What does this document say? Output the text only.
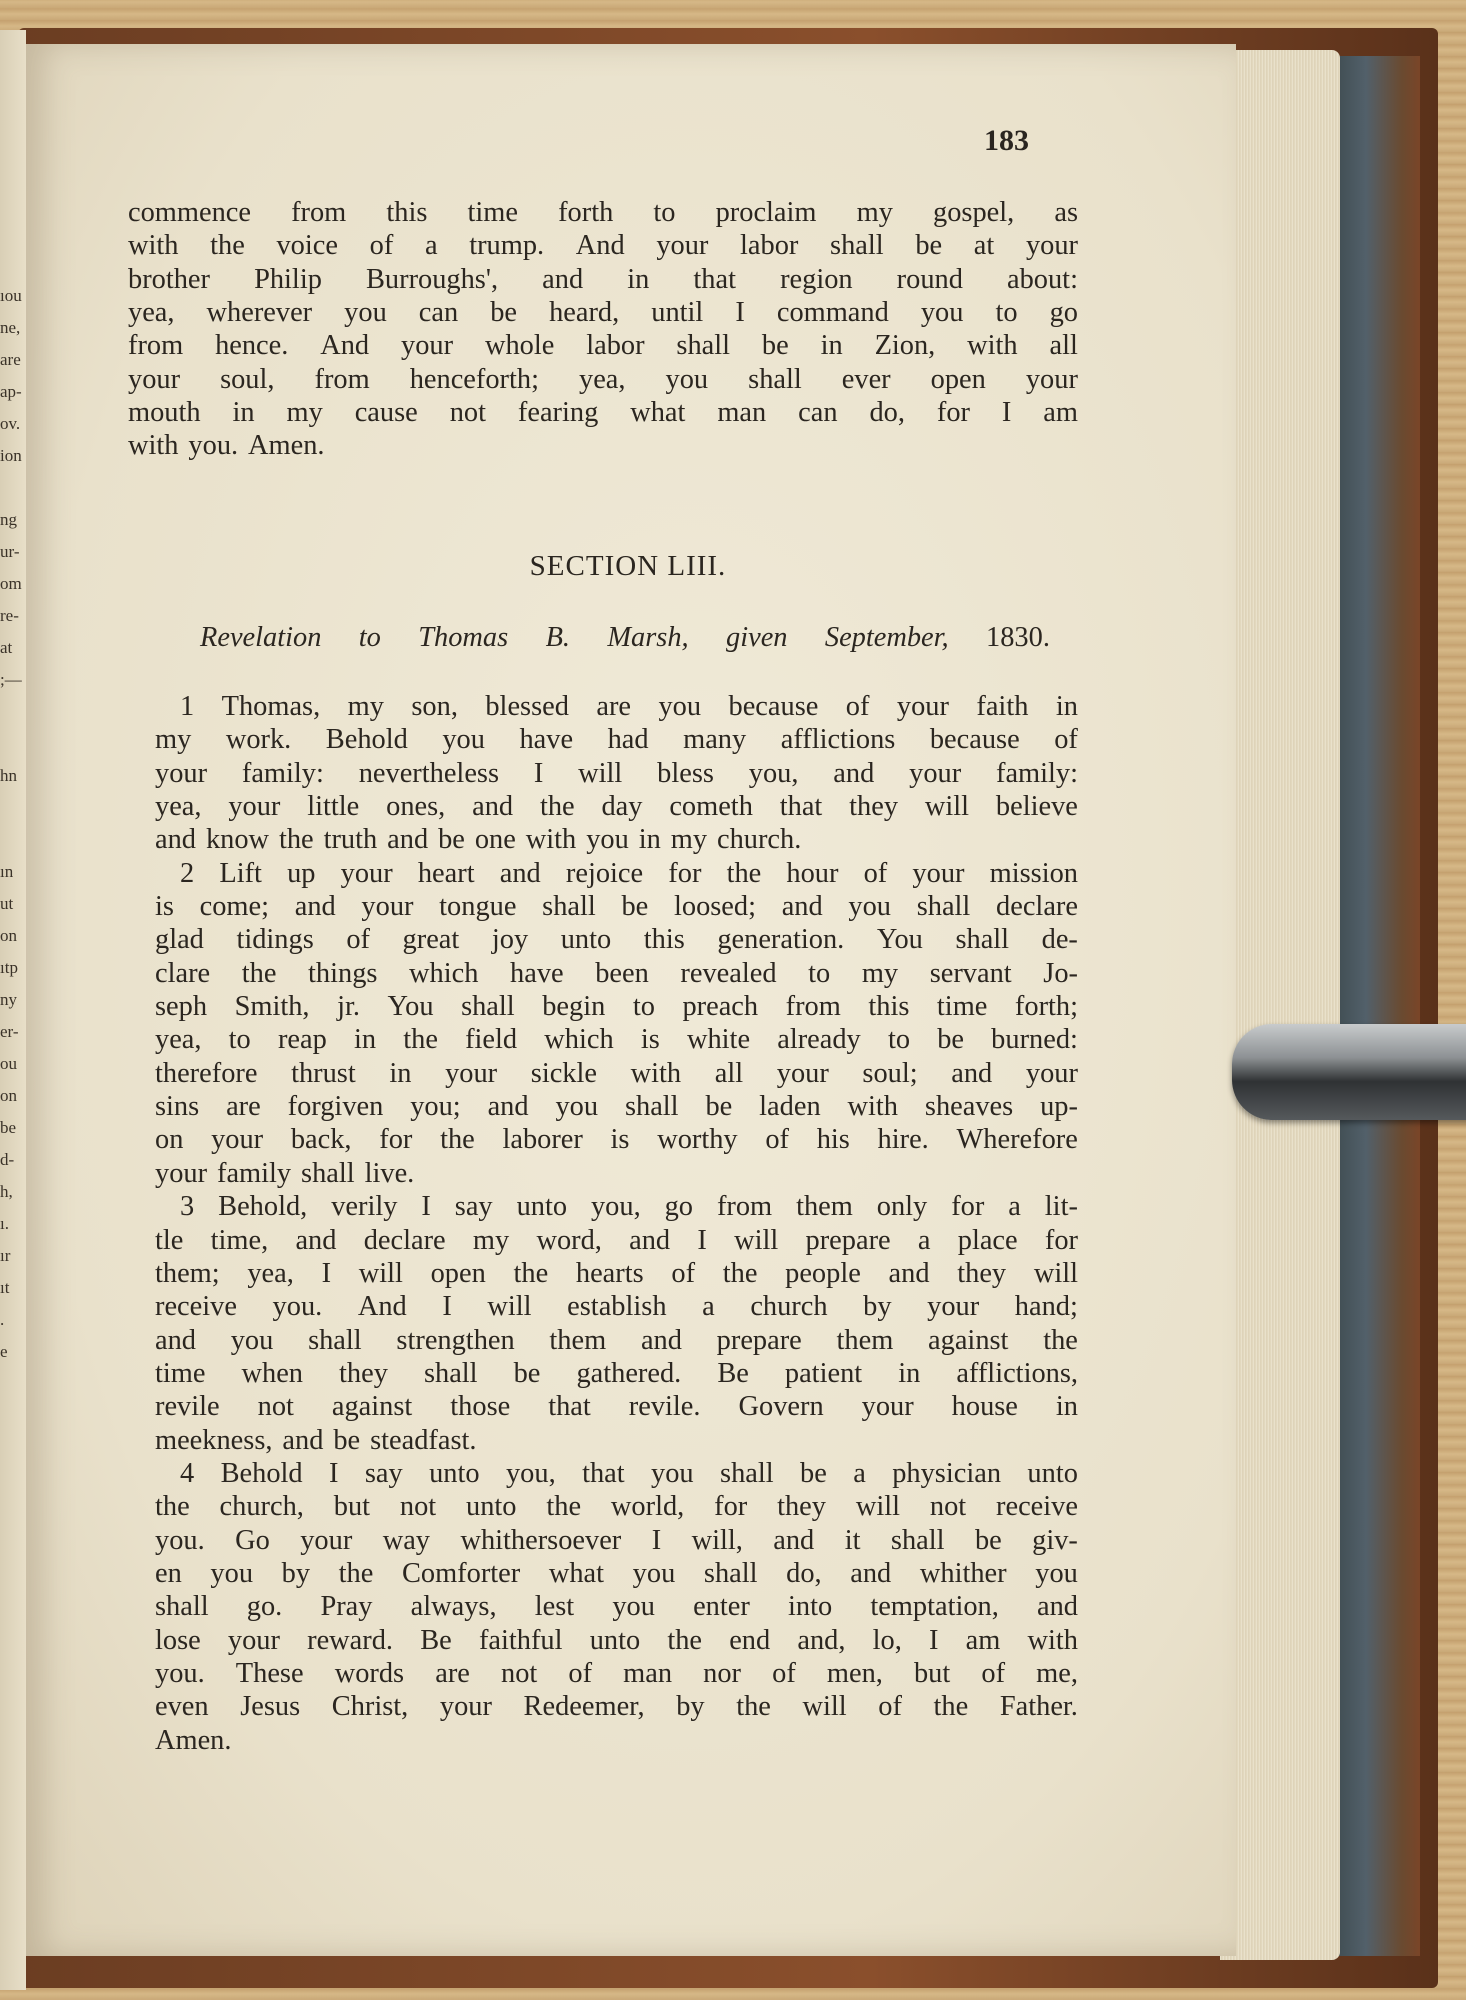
ıou
ne,
are
ap-
ov.
ion

ng
ur-
om
re-
at
;—

hn

ın
ut
on
ıtp
ny
er-
ou
on
be
d-
h,
ı.
ır
ıt
.
e
183
commence from this time forth to proclaim my gospel, as
with the voice of a trump. And your labor shall be at your
brother Philip Burroughs', and in that region round about:
yea, wherever you can be heard, until I command you to go
from hence. And your whole labor shall be in Zion, with all
your soul, from henceforth; yea, you shall ever open your
mouth in my cause not fearing what man can do, for I am
with you. Amen.
SECTION LIII.
Revelation to Thomas B. Marsh, given September, 1830.
1 Thomas, my son, blessed are you because of your faith in
my work. Behold you have had many afflictions because of
your family: nevertheless I will bless you, and your family:
yea, your little ones, and the day cometh that they will believe
and know the truth and be one with you in my church.
2 Lift up your heart and rejoice for the hour of your mission
is come; and your tongue shall be loosed; and you shall declare
glad tidings of great joy unto this generation. You shall de-
clare the things which have been revealed to my servant Jo-
seph Smith, jr. You shall begin to preach from this time forth;
yea, to reap in the field which is white already to be burned:
therefore thrust in your sickle with all your soul; and your
sins are forgiven you; and you shall be laden with sheaves up-
on your back, for the laborer is worthy of his hire. Wherefore
your family shall live.
3 Behold, verily I say unto you, go from them only for a lit-
tle time, and declare my word, and I will prepare a place for
them; yea, I will open the hearts of the people and they will
receive you. And I will establish a church by your hand;
and you shall strengthen them and prepare them against the
time when they shall be gathered. Be patient in afflictions,
revile not against those that revile. Govern your house in
meekness, and be steadfast.
4 Behold I say unto you, that you shall be a physician unto
the church, but not unto the world, for they will not receive
you. Go your way whithersoever I will, and it shall be giv-
en you by the Comforter what you shall do, and whither you
shall go. Pray always, lest you enter into temptation, and
lose your reward. Be faithful unto the end and, lo, I am with
you. These words are not of man nor of men, but of me,
even Jesus Christ, your Redeemer, by the will of the Father.
Amen.
